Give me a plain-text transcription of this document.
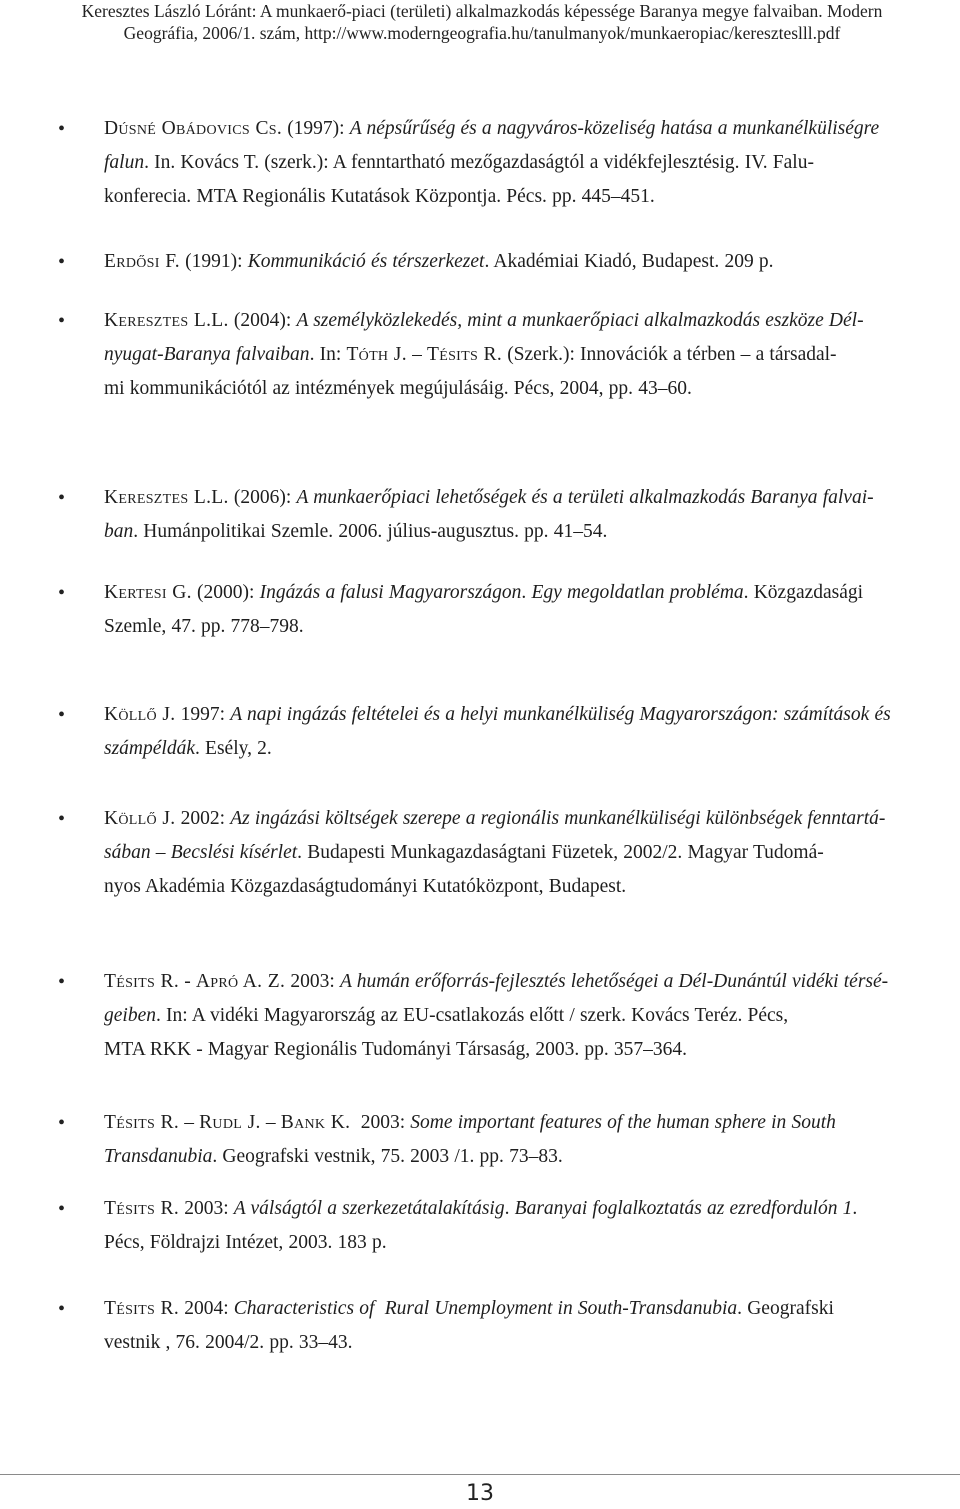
Keresztes László Lóránt: A munkaerő-piaci (területi) alkalmazkodás képessége Baranya megye falvaiban. Modern
Geográfia, 2006/1. szám, http://www.moderngeografia.hu/tanulmanyok/munkaeropiac/kereszteslll.pdf
• Dúsné Obádovics Cs. (1997): A népsűrűség és a nagyváros-közeliség hatása a munkanélküliségre
falun. In. Kovács T. (szerk.): A fenntartható mezőgazdaságtól a vidékfejlesztésig. IV. Falu-
konferecia. MTA Regionális Kutatások Központja. Pécs. pp. 445–451.
• Erdősi F. (1991): Kommunikáció és térszerkezet. Akadémiai Kiadó, Budapest. 209 p.
• Keresztes L.L. (2004): A személyközlekedés, mint a munkaerőpiaci alkalmazkodás eszköze Dél-
nyugat-Baranya falvaiban. In: Tóth J. – Tésits R. (Szerk.): Innovációk a térben – a társadal-
mi kommunikációtól az intézmények megújulásáig. Pécs, 2004, pp. 43–60.
• Keresztes L.L. (2006): A munkaerőpiaci lehetőségek és a területi alkalmazkodás Baranya falvai-
ban. Humánpolitikai Szemle. 2006. július-augusztus. pp. 41–54.
• Kertesi G. (2000): Ingázás a falusi Magyarországon. Egy megoldatlan probléma. Közgazdasági
Szemle, 47. pp. 778–798.
• Köllő J. 1997: A napi ingázás feltételei és a helyi munkanélküliség Magyarországon: számítások és
számpéldák. Esély, 2.
• Köllő J. 2002: Az ingázási költségek szerepe a regionális munkanélküliségi különbségek fenntartá-
sában – Becslési kísérlet. Budapesti Munkagazdaságtani Füzetek, 2002/2. Magyar Tudomá-
nyos Akadémia Közgazdaságtudományi Kutatóközpont, Budapest.
• Tésits R. - Apró A. Z. 2003: A humán erőforrás-fejlesztés lehetőségei a Dél-Dunántúl vidéki térsé-
geiben. In: A vidéki Magyarország az EU-csatlakozás előtt / szerk. Kovács Teréz. Pécs,
MTA RKK - Magyar Regionális Tudományi Társaság, 2003. pp. 357–364.
• Tésits R. – Rudl J. – Bank K.  2003: Some important features of the human sphere in South
Transdanubia. Geografski vestnik, 75. 2003 /1. pp. 73–83.
• Tésits R. 2003: A válságtól a szerkezetátalakításig. Baranyai foglalkoztatás az ezredfordulón 1.
Pécs, Földrajzi Intézet, 2003. 183 p.
• Tésits R. 2004: Characteristics of  Rural Unemployment in South-Transdanubia. Geografski
vestnik , 76. 2004/2. pp. 33–43.
13
